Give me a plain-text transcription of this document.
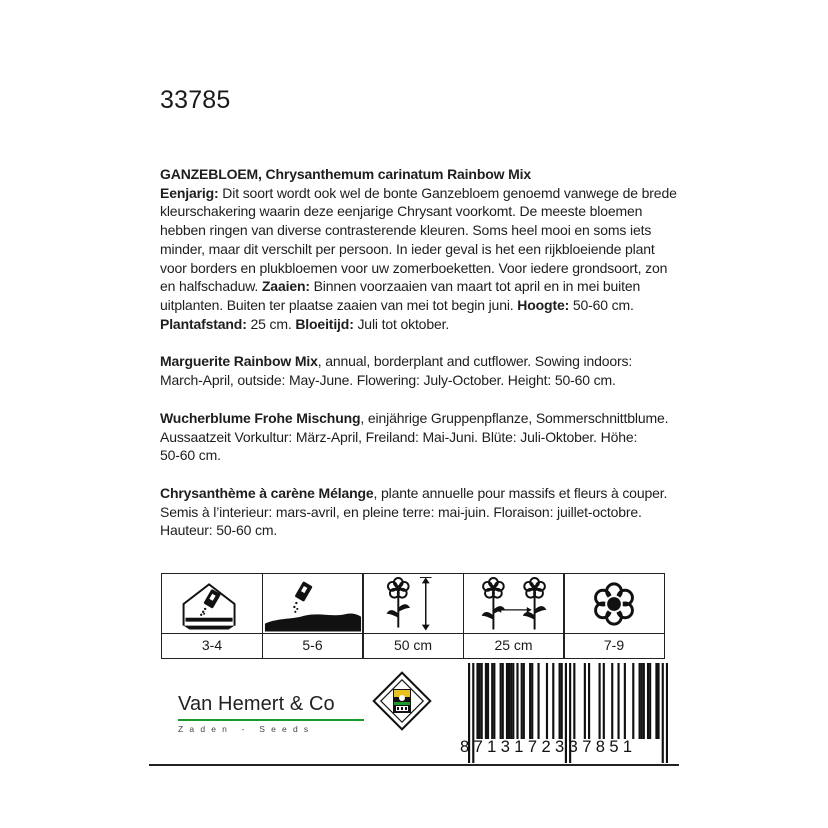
33785
GANZEBLOEM, Chrysanthemum carinatum Rainbow Mix
Eenjarig: Dit soort wordt ook wel de bonte Ganzebloem genoemd vanwege de brede
kleurschakering waarin deze eenjarige Chrysant voorkomt. De meeste bloemen
hebben ringen van diverse contrasterende kleuren. Soms heel mooi en soms iets
minder, maar dit verschilt per persoon. In ieder geval is het een rijkbloeiende plant
voor borders en plukbloemen voor uw zomerboeketten. Voor iedere grondsoort, zon
en halfschaduw. Zaaien: Binnen voorzaaien van maart tot april en in mei buiten
uitplanten. Buiten ter plaatse zaaien van mei tot begin juni. Hoogte: 50-60 cm.
Plantafstand: 25 cm. Bloeitijd: Juli tot oktober.
Marguerite Rainbow Mix, annual, borderplant and cutflower. Sowing indoors:
March-April, outside: May-June. Flowering: July-October. Height: 50-60 cm.
Wucherblume Frohe Mischung, einjährige Gruppenpflanze, Sommerschnittblume.
Aussaatzeit Vorkultur: März-April, Freiland: Mai-Juni. Blüte: Juli-Oktober. Höhe:
50-60 cm.
Chrysanthème à carène Mélange, plante annuelle pour massifs et fleurs à couper.
Semis à l’interieur: mars-avril, en pleine terre: mai-juin. Floraison: juillet-octobre.
Hauteur: 50-60 cm.
3-4	5-6	50 cm	25 cm	7-9
Van Hemert & Co
Zaden - Seeds
8713172337851
